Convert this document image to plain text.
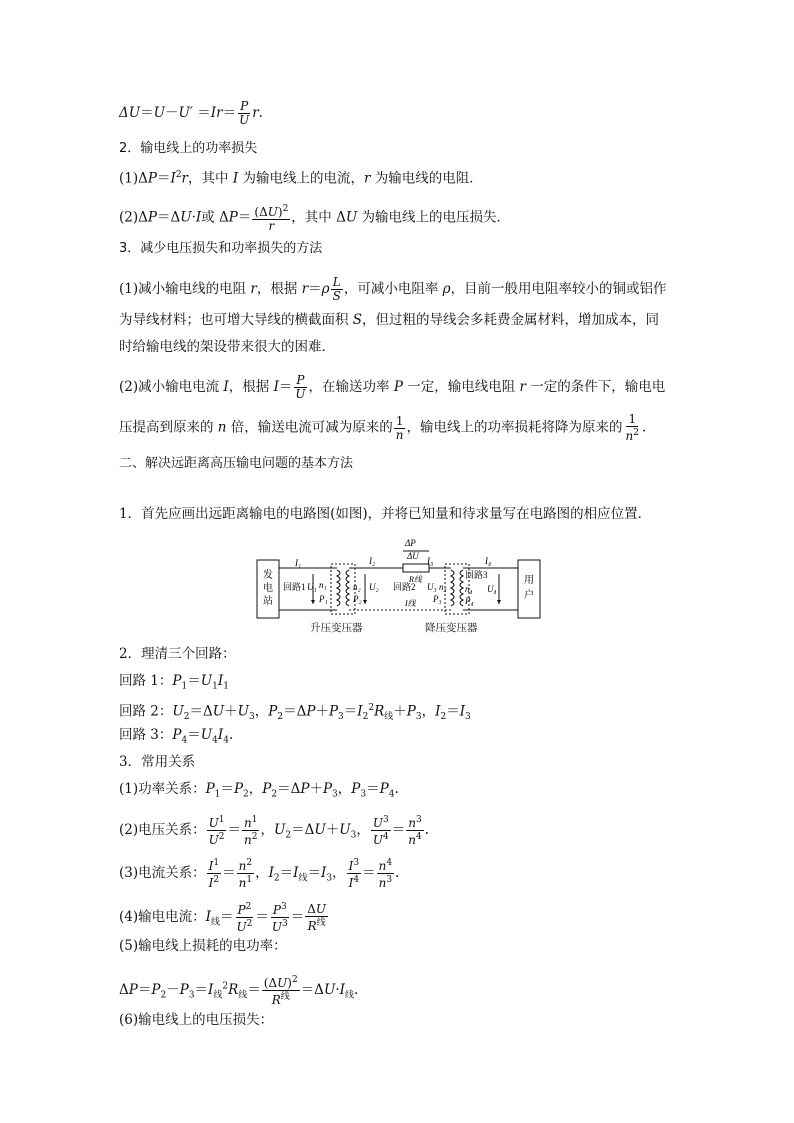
$\Delta U=U-U' =Ir= \frac{P}{U} r$.
2．输电线上的功率损失
$(1)\Delta P=I^2r$，其中 I 为输电线上的电流，r 为输电线的电阻．
(2)ΔP＝ΔU·I或 $\Delta P= \frac{(\Delta U)^2}{r}$ ，其中 ΔU 为输电线上的电压损失．
3．减少电压损失和功率损失的方法
(1)减小输电线的电阻 r，根据 $r=\rho \frac{L}{S}$ ，可减小电阻率 ρ，目前一般用电阻率较小的铜或铝作
为导线材料；也可增大导线的横截面积 S，但过粗的导线会多耗费金属材料，增加成本，同
时给输电线的架设带来很大的困难．
(2)减小输电电流 I，根据 $I= \frac{P}{U}$ ，在输送功率 P 一定，输电线电阻 r 一定的条件下，输电电
压提高到原来的 n 倍，输送电流可减为原来的 $\frac{1}{n}$ ，输电线上的功率损耗将降为原来的 $\frac{1}{n^2}$ .
二、解决远距离高压输电问题的基本方法
1．首先应画出远距离输电的电路图(如图)，并将已知量和待求量写在电路图的相应位置．
发
电
站
用
户
I₁
回路1 U₁ n₁
P₁
I₂	I₃
ΔP
ΔU
R线
n₂
P₂
U₂ 回路2
I线
U₃ n₃
P₃
I₄
回路3
n₄
P₄
U₄
升压变压器	降压变压器
2．理清三个回路：
回路 1：$P_1=U_1I_1$
回路 2：$U_2=\Delta U+U_3$，$P_2=\Delta P+P_3=I_2^2R_线+P_3$，$I_2=I_3$
回路 3：$P_4=U_4I_4$.
3．常用关系
(1)功率关系：$P_1=P_2$，$P_2=\Delta P+P_3$，$P_3=P_4$.
(2)电压关系： $\frac{U^1}{U^2} = \frac{n^1}{n^2}$ ，$U_2=\Delta U+U_3$， $\frac{U^3}{U^4} = \frac{n^3}{n^4}$ .
(3)电流关系： $\frac{I^1}{I^2} = \frac{n^2}{n^1}$ ，$I_2=I_线=I_3$， $\frac{I^3}{I^4} = \frac{n^4}{n^3}$ .
(4)输电电流：$I_线= \frac{P^2}{U^2} = \frac{P^3}{U^3} = \frac{\Delta U}{R^线}$
(5)输电线上损耗的电功率：
$\Delta P=P_2-P_3=I_线^2R_线= \frac{(\Delta U)^2}{R^线} =\Delta U\cdot I_线$.
(6)输电线上的电压损失：
